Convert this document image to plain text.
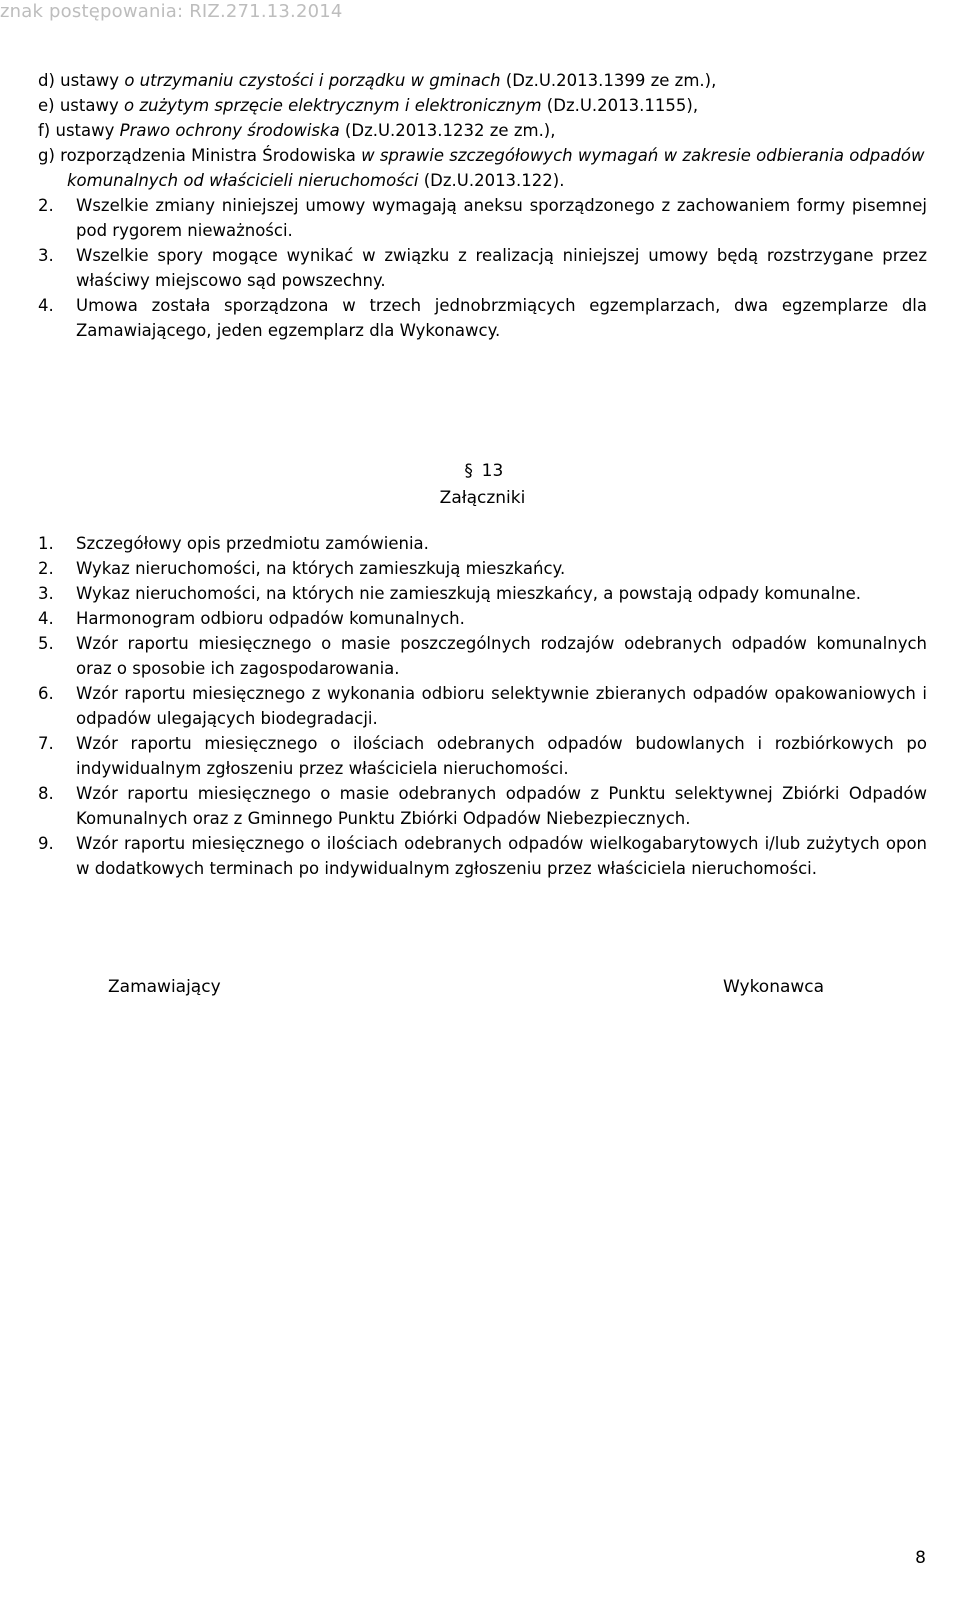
znak postępowania: RIZ.271.13.2014
d) ustawy o utrzymaniu czystości i porządku w gminach (Dz.U.2013.1399 ze zm.),
e) ustawy o zużytym sprzęcie elektrycznym i elektronicznym (Dz.U.2013.1155),
f) ustawy Prawo ochrony środowiska (Dz.U.2013.1232 ze zm.),
g) rozporządzenia Ministra Środowiska w sprawie szczegółowych wymagań w zakresie odbierania odpadów komunalnych od właścicieli nieruchomości (Dz.U.2013.122).
2. Wszelkie zmiany niniejszej umowy wymagają aneksu sporządzonego z zachowaniem formy pisemnej pod rygorem nieważności.
3. Wszelkie spory mogące wynikać w związku z realizacją niniejszej umowy będą rozstrzygane przez właściwy miejscowo sąd powszechny.
4. Umowa została sporządzona w trzech jednobrzmiących egzemplarzach, dwa egzemplarze dla Zamawiającego, jeden egzemplarz dla Wykonawcy.
§ 13
Załączniki
1. Szczegółowy opis przedmiotu zamówienia.
2. Wykaz nieruchomości, na których zamieszkują mieszkańcy.
3. Wykaz nieruchomości, na których nie zamieszkują mieszkańcy, a powstają odpady komunalne.
4. Harmonogram odbioru odpadów komunalnych.
5. Wzór raportu miesięcznego o masie poszczególnych rodzajów odebranych odpadów komunalnych oraz o sposobie ich zagospodarowania.
6. Wzór raportu miesięcznego z wykonania odbioru selektywnie zbieranych odpadów opakowaniowych i odpadów ulegających biodegradacji.
7. Wzór raportu miesięcznego o ilościach odebranych odpadów budowlanych i rozbiórkowych po indywidualnym zgłoszeniu przez właściciela nieruchomości.
8. Wzór raportu miesięcznego o masie odebranych odpadów z Punktu selektywnej Zbiórki Odpadów Komunalnych oraz z Gminnego Punktu Zbiórki Odpadów Niebezpiecznych.
9. Wzór raportu miesięcznego o ilościach odebranych odpadów wielkogabarytowych i/lub zużytych opon w dodatkowych terminach po indywidualnym zgłoszeniu przez właściciela nieruchomości.
Zamawiający	Wykonawca
8
